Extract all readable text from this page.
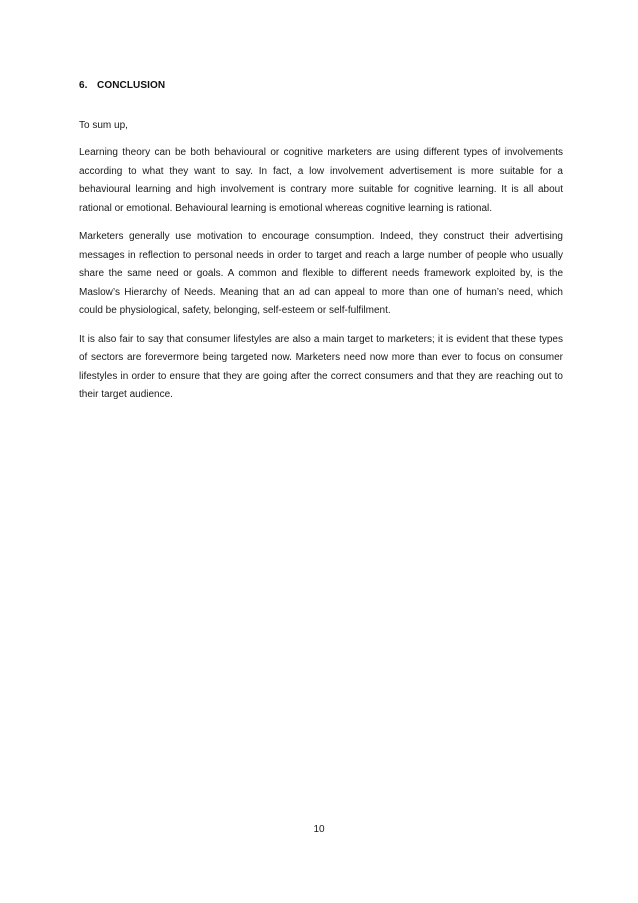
6. CONCLUSION

To sum up,

Learning theory can be both behavioural or cognitive marketers are using different types of involvements according to what they want to say. In fact, a low involvement advertisement is more suitable for a behavioural learning and high involvement is contrary more suitable for cognitive learning. It is all about rational or emotional. Behavioural learning is emotional whereas cognitive learning is rational.

Marketers generally use motivation to encourage consumption. Indeed, they construct their advertising messages in reflection to personal needs in order to target and reach a large number of people who usually share the same need or goals. A common and flexible to different needs framework exploited by, is the Maslow’s Hierarchy of Needs. Meaning that an ad can appeal to more than one of human’s need, which could be physiological, safety, belonging, self-esteem or self-fulfilment.

It is also fair to say that consumer lifestyles are also a main target to marketers; it is evident that these types of sectors are forevermore being targeted now. Marketers need now more than ever to focus on consumer lifestyles in order to ensure that they are going after the correct consumers and that they are reaching out to their target audience.

10
